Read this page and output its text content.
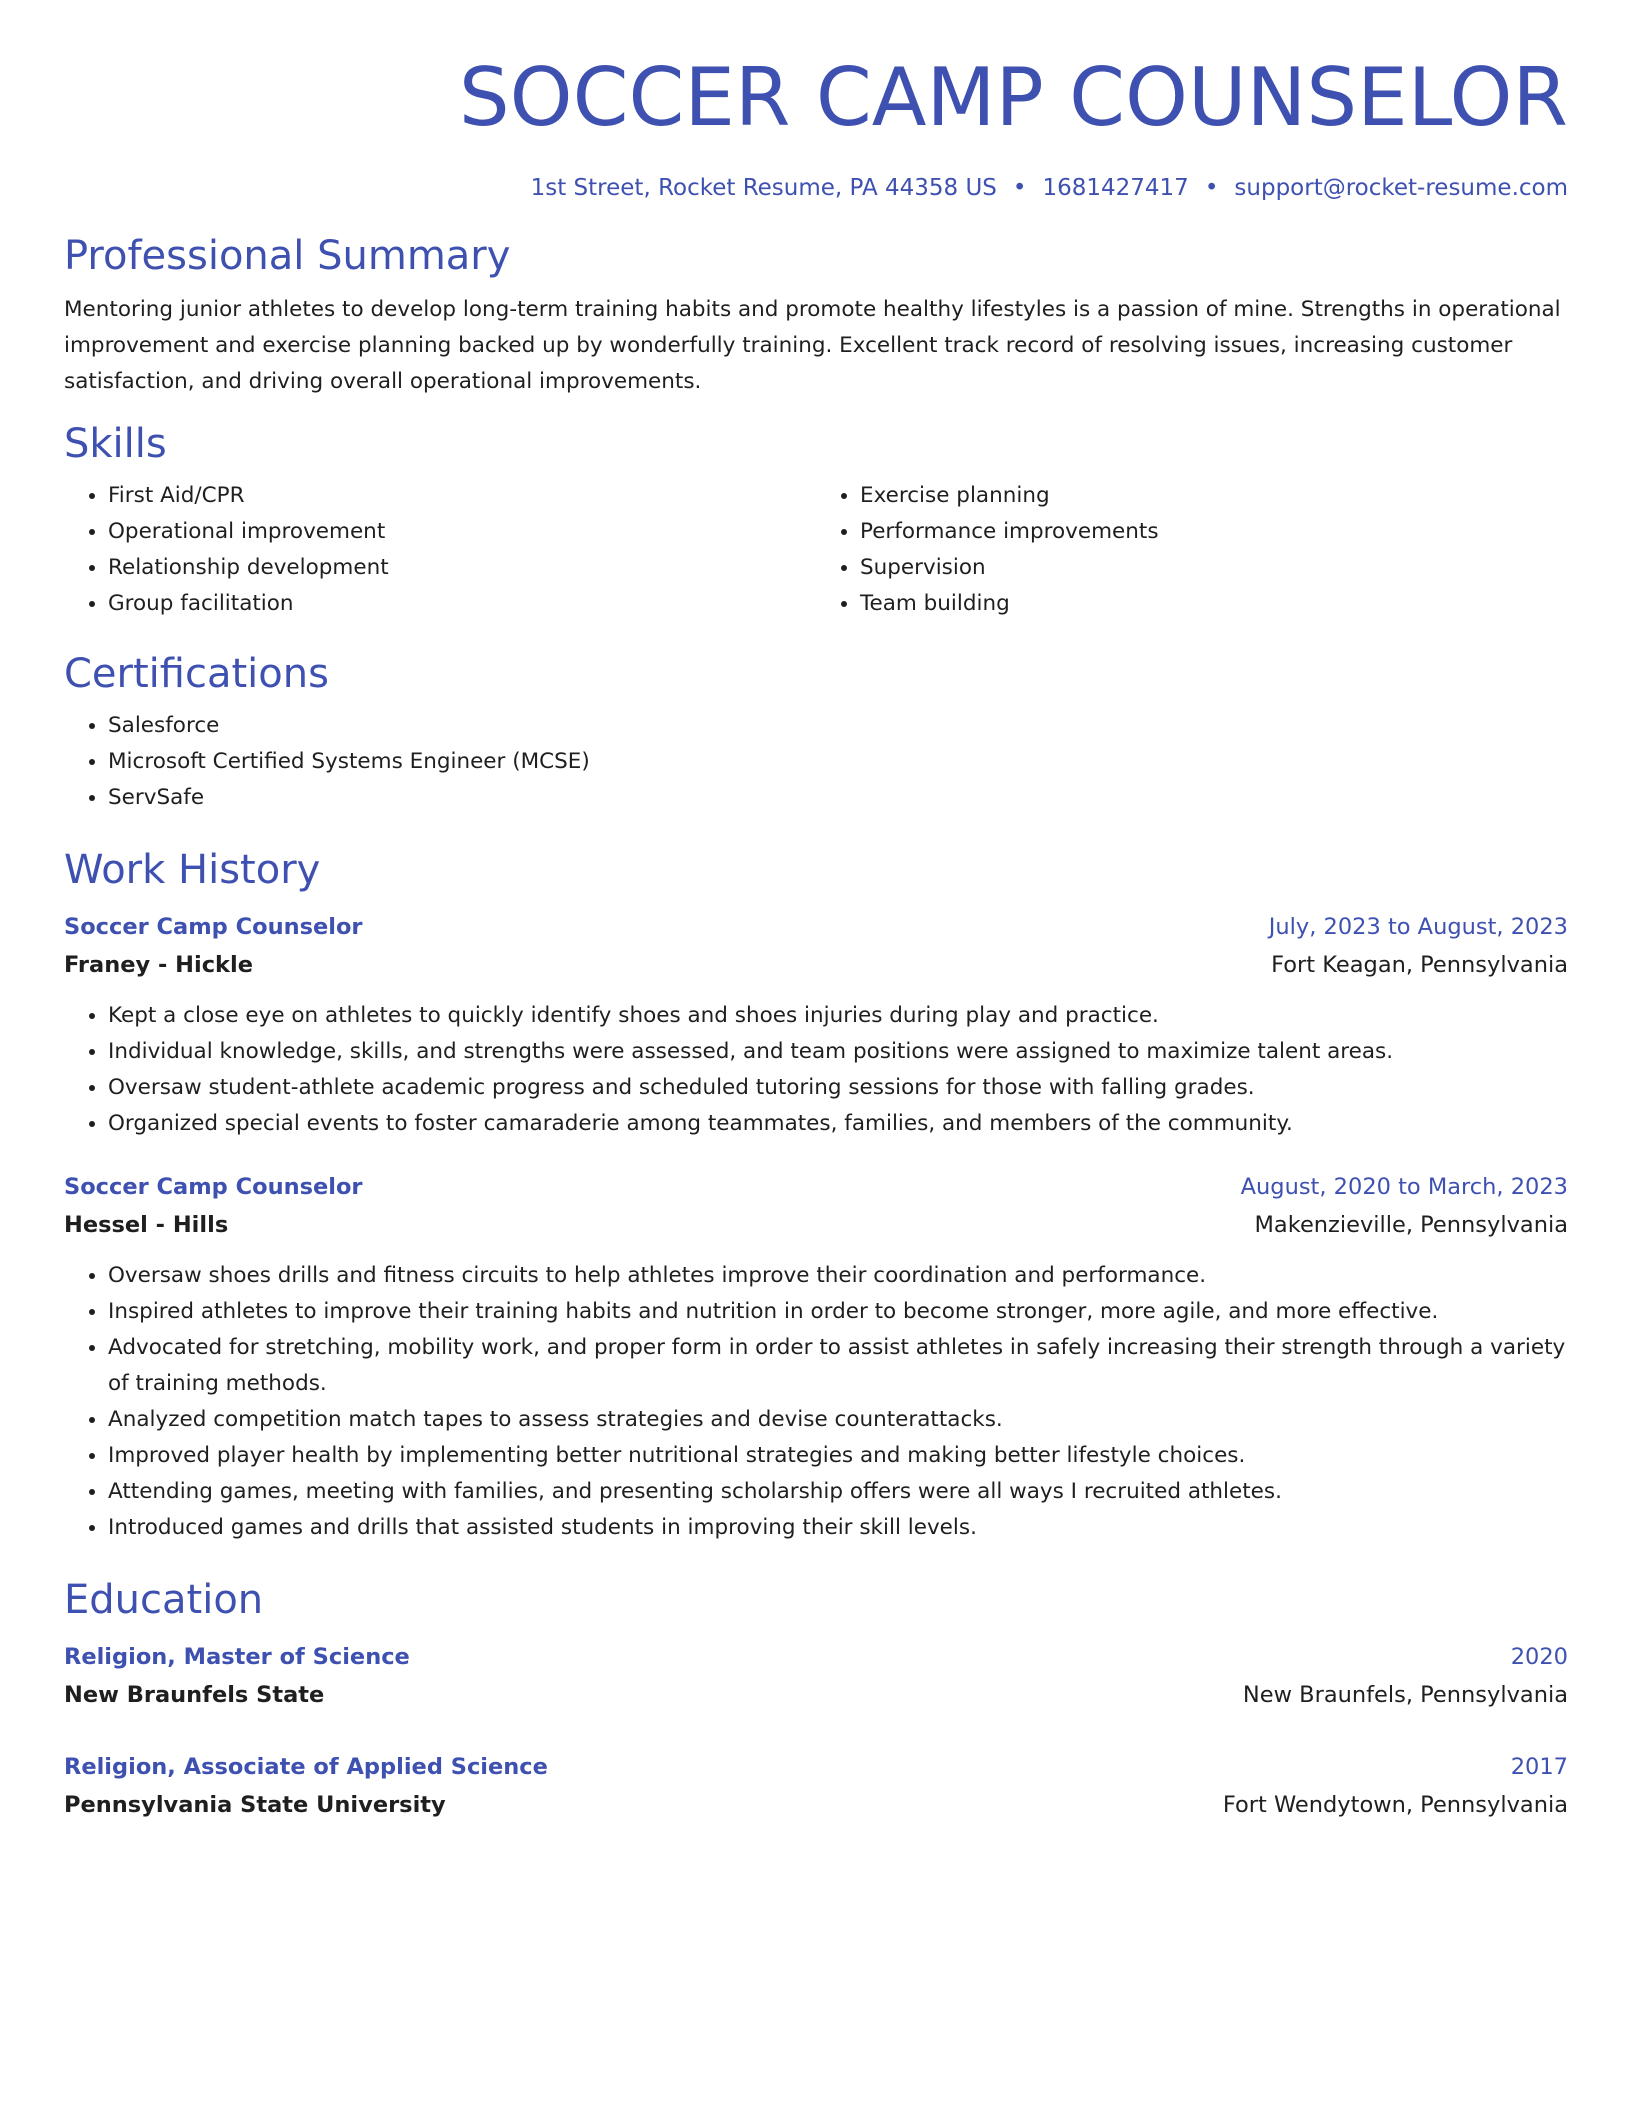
SOCCER CAMP COUNSELOR
1st Street, Rocket Resume, PA 44358 US • 1681427417 • support@rocket-resume.com
Professional Summary

Mentoring junior athletes to develop long-term training habits and promote healthy lifestyles is a passion of mine. Strengths in operational improvement and exercise planning backed up by wonderfully training. Excellent track record of resolving issues, increasing customer satisfaction, and driving overall operational improvements.

Skills
• First Aid/CPR
• Operational improvement
• Relationship development
• Group facilitation
• Exercise planning
• Performance improvements
• Supervision
• Team building
Certifications
• Salesforce
• Microsoft Certified Systems Engineer (MCSE)
• ServSafe
Work History
Soccer Camp Counselor	July, 2023 to August, 2023
Franey - Hickle	Fort Keagan, Pennsylvania
• Kept a close eye on athletes to quickly identify shoes and shoes injuries during play and practice.
• Individual knowledge, skills, and strengths were assessed, and team positions were assigned to maximize talent areas.
• Oversaw student-athlete academic progress and scheduled tutoring sessions for those with falling grades.
• Organized special events to foster camaraderie among teammates, families, and members of the community.
Soccer Camp Counselor	August, 2020 to March, 2023
Hessel - Hills	Makenzieville, Pennsylvania
• Oversaw shoes drills and fitness circuits to help athletes improve their coordination and performance.
• Inspired athletes to improve their training habits and nutrition in order to become stronger, more agile, and more effective.
• Advocated for stretching, mobility work, and proper form in order to assist athletes in safely increasing their strength through a variety of training methods.
• Analyzed competition match tapes to assess strategies and devise counterattacks.
• Improved player health by implementing better nutritional strategies and making better lifestyle choices.
• Attending games, meeting with families, and presenting scholarship offers were all ways I recruited athletes.
• Introduced games and drills that assisted students in improving their skill levels.
Education
Religion, Master of Science	2020
New Braunfels State	New Braunfels, Pennsylvania
Religion, Associate of Applied Science	2017
Pennsylvania State University	Fort Wendytown, Pennsylvania
